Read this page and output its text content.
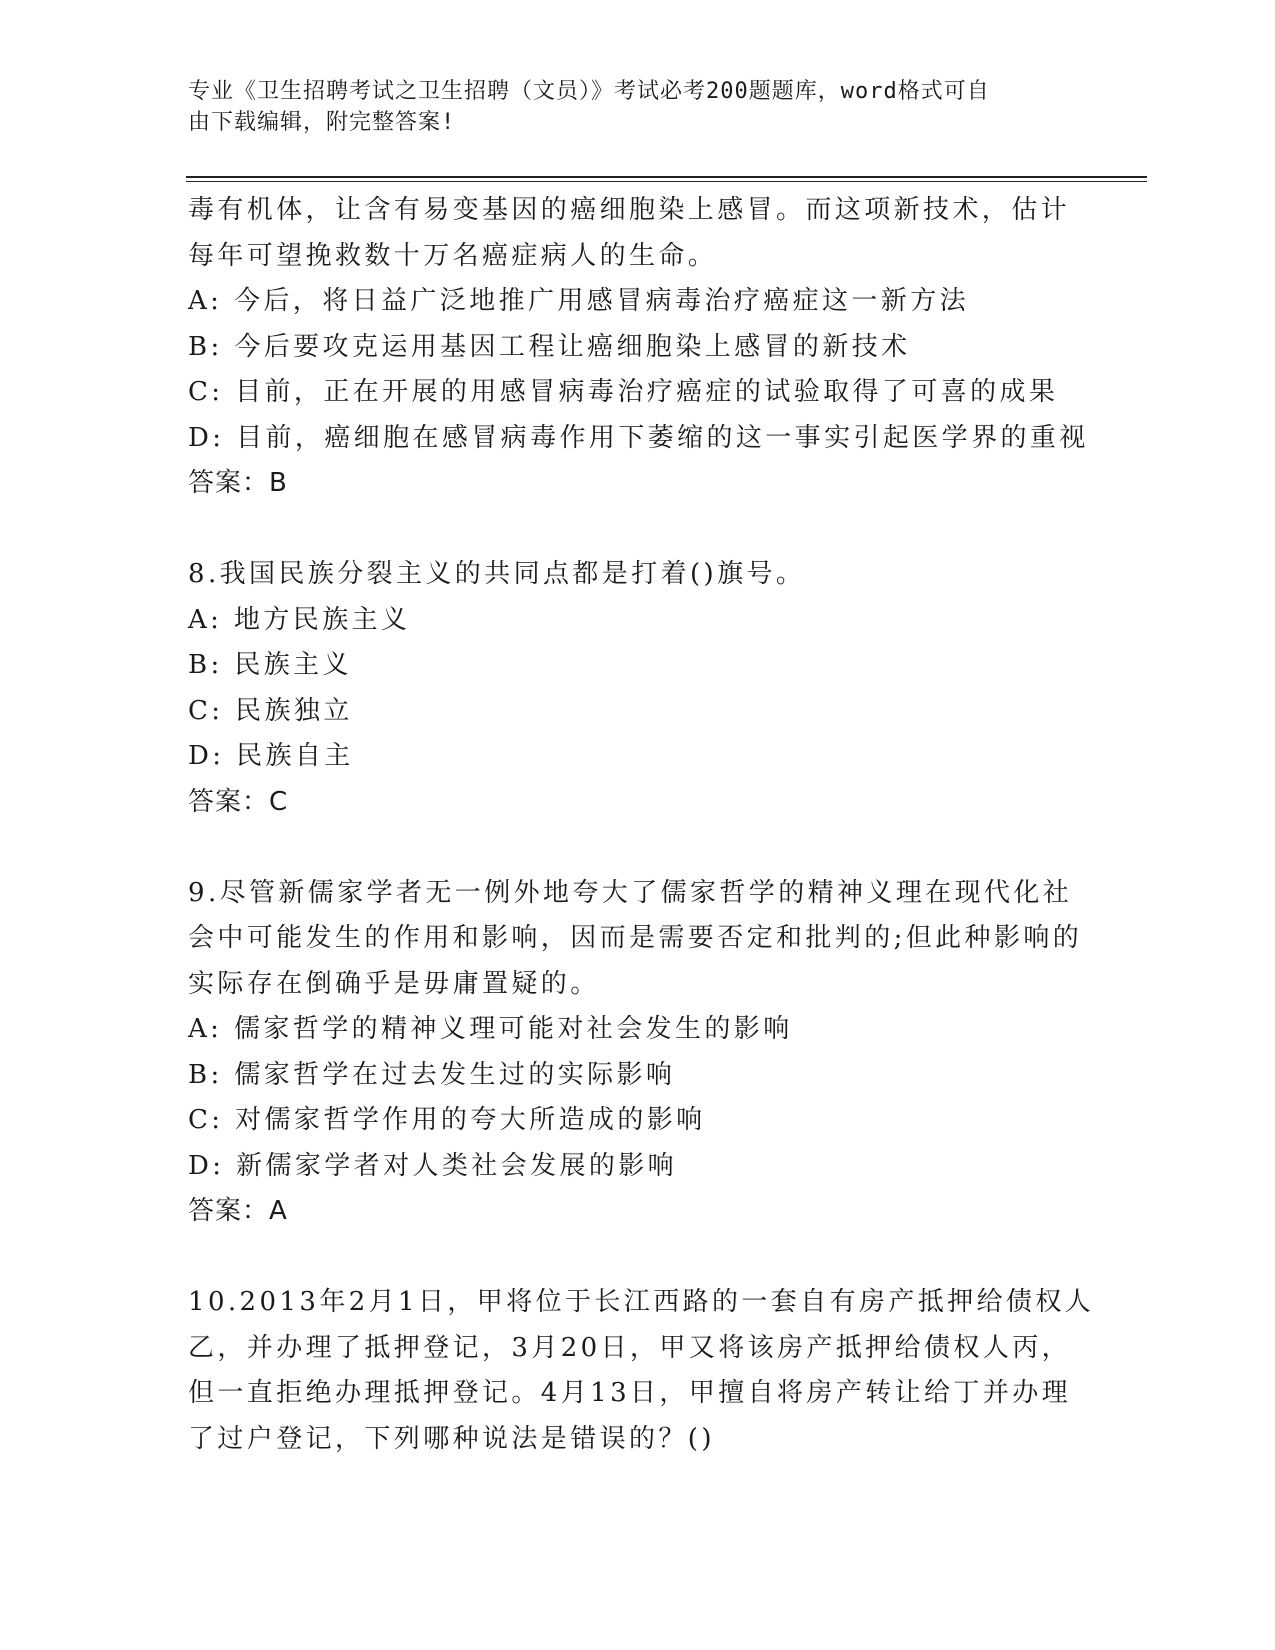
专业《卫生招聘考试之卫生招聘（文员）》考试必考200题题库，word格式可自
由下载编辑，附完整答案!
毒有机体，让含有易变基因的癌细胞染上感冒。而这项新技术，估计
每年可望挽救数十万名癌症病人的生命。
A: 今后，将日益广泛地推广用感冒病毒治疗癌症这一新方法
B: 今后要攻克运用基因工程让癌细胞染上感冒的新技术
C: 目前，正在开展的用感冒病毒治疗癌症的试验取得了可喜的成果
D: 目前，癌细胞在感冒病毒作用下萎缩的这一事实引起医学界的重视
答案：B
8.我国民族分裂主义的共同点都是打着()旗号。
A: 地方民族主义
B: 民族主义
C: 民族独立
D: 民族自主
答案：C
9.尽管新儒家学者无一例外地夸大了儒家哲学的精神义理在现代化社
会中可能发生的作用和影响，因而是需要否定和批判的;但此种影响的
实际存在倒确乎是毋庸置疑的。
A: 儒家哲学的精神义理可能对社会发生的影响
B: 儒家哲学在过去发生过的实际影响
C: 对儒家哲学作用的夸大所造成的影响
D: 新儒家学者对人类社会发展的影响
答案：A
10.2013年2月1日，甲将位于长江西路的一套自有房产抵押给债权人
乙，并办理了抵押登记，3月20日，甲又将该房产抵押给债权人丙，
但一直拒绝办理抵押登记。4月13日，甲擅自将房产转让给丁并办理
了过户登记，下列哪种说法是错误的？()
